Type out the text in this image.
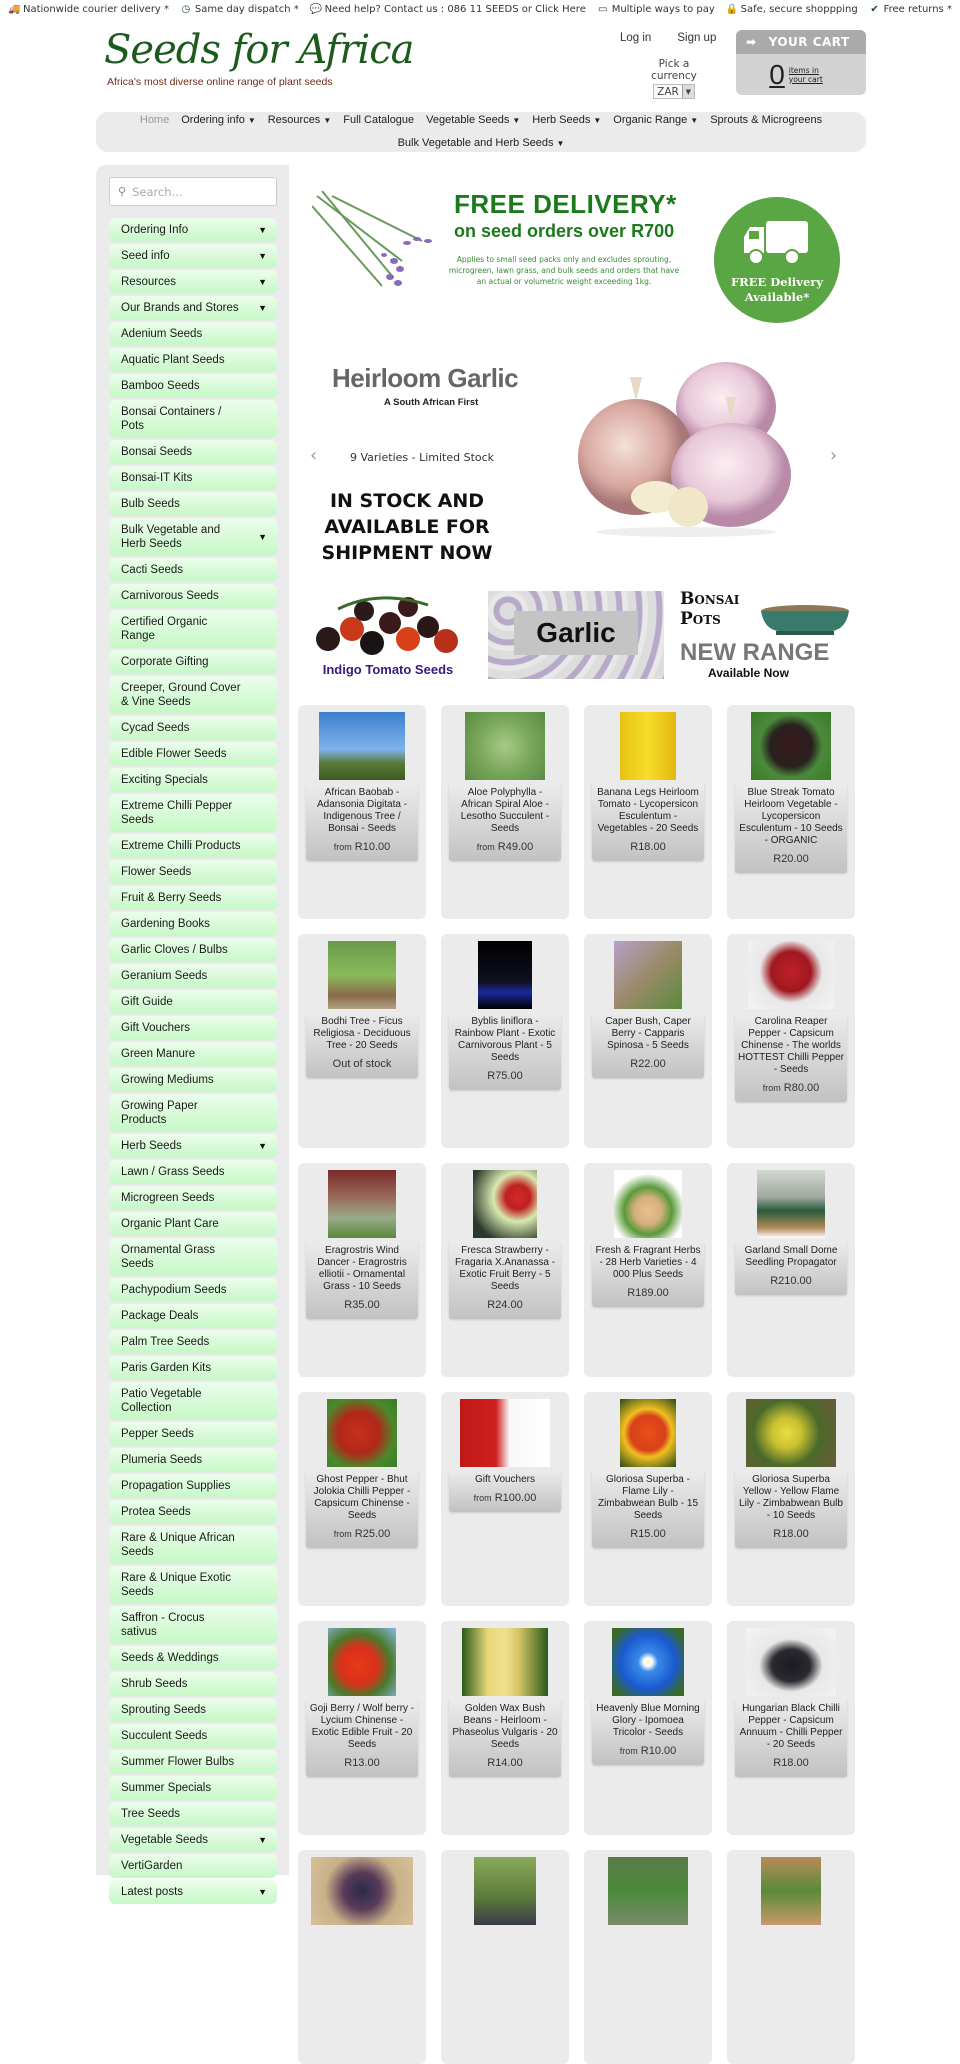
🚚 Nationwide courier delivery * ◷ Same day dispatch * 💬 Need help? Contact us : 086 11 SEEDS or Click Here ▭ Multiple ways to pay 🔒 Safe, secure shoppping ✔ Free returns *
Seeds for Africa
Africa's most diverse online range of plant seeds
Log in Sign up
Pick a currency
ZAR ▼
➡ YOUR CART
0 items in your cart
Home	Ordering info ▼	Resources ▼	Full Catalogue	Vegetable Seeds ▼	Herb Seeds ▼	Organic Range ▼	Sprouts & Microgreens
Bulk Vegetable and Herb Seeds ▼
⚲ Search...
Ordering Info	▼
Seed info	▼
Resources	▼
Our Brands and Stores ▼
Adenium Seeds
Aquatic Plant Seeds
Bamboo Seeds
Bonsai Containers / Pots
Bonsai Seeds
Bonsai-IT Kits
Bulb Seeds
Bulk Vegetable and Herb Seeds
▼
Cacti Seeds
Carnivorous Seeds
Certified Organic Range
Corporate Gifting
Creeper, Ground Cover & Vine Seeds
Cycad Seeds
Edible Flower Seeds
Exciting Specials
Extreme Chilli Pepper Seeds
Extreme Chilli Products
Flower Seeds
Fruit & Berry Seeds
Gardening Books
Garlic Cloves / Bulbs
Geranium Seeds
Gift Guide
Gift Vouchers
Green Manure
Growing Mediums
Growing Paper Products
Herb Seeds	▼
Lawn / Grass Seeds
Microgreen Seeds
Organic Plant Care
Ornamental Grass Seeds
Pachypodium Seeds
Package Deals
Palm Tree Seeds
Paris Garden Kits
Patio Vegetable Collection
Pepper Seeds
Plumeria Seeds
Propagation Supplies
Protea Seeds
Rare & Unique African Seeds
Rare & Unique Exotic Seeds
Saffron - Crocus sativus
Seeds & Weddings
Shrub Seeds
Sprouting Seeds
Succulent Seeds
Summer Flower Bulbs
Summer Specials
Tree Seeds
Vegetable Seeds	▼
VertiGarden
Latest posts	▼
FREE DELIVERY*
on seed orders over R700
Applies to small seed packs only and excludes sprouting, microgreen, lawn grass, and bulk seeds and orders that have an actual or volumetric weight exceeding 1kg.	FREE Delivery Available*
Heirloom Garlic
A South African First
9 Varieties - Limited Stock
IN STOCK AND AVAILABLE FOR SHIPMENT NOW
‹	›
Indigo Tomato Seeds
Garlic
Bonsai Pots
NEW RANGE
Available Now
African Baobab - Adansonia Digitata - Indigenous Tree / Bonsai - Seeds
from R10.00
Aloe Polyphylla - African Spiral Aloe - Lesotho Succulent - Seeds
from R49.00
Banana Legs Heirloom Tomato - Lycopersicon Esculentum - Vegetables - 20 Seeds
R18.00
Blue Streak Tomato Heirloom Vegetable - Lycopersicon Esculentum - 10 Seeds - ORGANIC
R20.00
Bodhi Tree - Ficus Religiosa - Deciduous Tree - 20 Seeds
Out of stock
Byblis liniflora - Rainbow Plant - Exotic Carnivorous Plant - 5 Seeds
R75.00
Caper Bush, Caper Berry - Capparis Spinosa - 5 Seeds
R22.00
Carolina Reaper Pepper - Capsicum Chinense - The worlds HOTTEST Chilli Pepper - Seeds
from R80.00
Eragrostris Wind Dancer - Eragrostris elliotii - Ornamental Grass - 10 Seeds
R35.00
Fresca Strawberry - Fragaria X.Ananassa - Exotic Fruit Berry - 5 Seeds
R24.00
Fresh & Fragrant Herbs - 28 Herb Varieties - 4 000 Plus Seeds
R189.00
Garland Small Dome Seedling Propagator
R210.00
Ghost Pepper - Bhut Jolokia Chilli Pepper - Capsicum Chinense - Seeds
from R25.00
Gift Vouchers
from R100.00
Gloriosa Superba - Flame Lily - Zimbabwean Bulb - 15 Seeds
R15.00
Gloriosa Superba Yellow - Yellow Flame Lily - Zimbabwean Bulb - 10 Seeds
R18.00
Goji Berry / Wolf berry - Lycium Chinense - Exotic Edible Fruit - 20 Seeds
R13.00
Golden Wax Bush Beans - Heirloom - Phaseolus Vulgaris - 20 Seeds
R14.00
Heavenly Blue Morning Glory - Ipomoea Tricolor - Seeds
from R10.00
Hungarian Black Chilli Pepper - Capsicum Annuum - Chilli Pepper - 20 Seeds
R18.00
